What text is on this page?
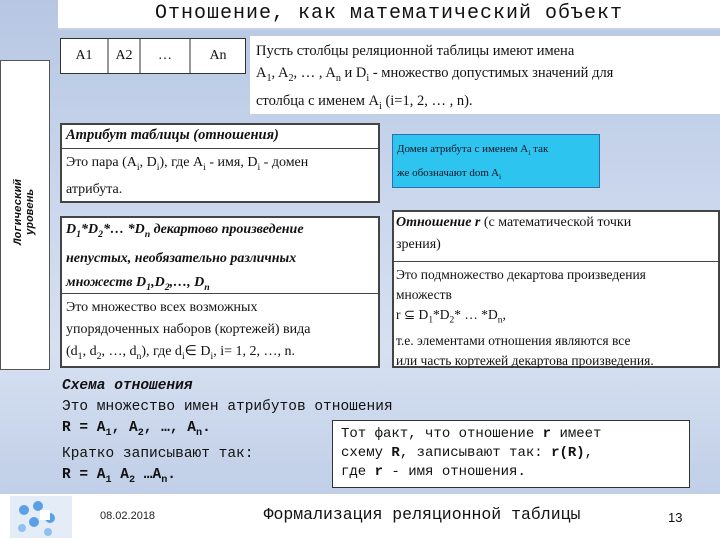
Отношение, как математический объект
Логический уровень
A1	A2	…	An	Пусть столбцы реляционной таблицы имеют имена
$A_1$, $A_2$, … , $A_n$ и $D_i$ - множество допустимых значений для
столбца с именем $A_i$ (i=1, 2, … , n).
Атрибут таблицы (отношения)
Это пара ($A_i$, $D_i$), где $A_i$ - имя, $D_i$ - домен
атрибута.
Домен атрибута с именем $A_i$ так
же обозначают dom $A_i$
$D_1*D_2*\dots$ $*D_n$ декартово произведение
непустых, необязательно различных
множеств $D_1,D_2,\dots$, $D_n$
Это множество всех возможных
упорядоченных наборов (кортежей) вида
($d_1$, $d_2$, …, $d_n$), где $d_i\in$ $D_i$, i= 1, 2, …, n.
Отношение r (с математической точки
зрения)
Это подмножество декартова произведения
множеств
r ⊆ $D_1*D_2*$ … $*D_n$,
т.е. элементами отношения являются все
или часть кортежей декартова произведения.
Схема отношения
Это множество имен атрибутов отношения
$R = A_1$, $A_2$, …, $A_n$.
Кратко записывают так:
$R = A_1$ $A_2$ $\dots A_n$.
Тот факт, что отношение r имеет
схему R, записывают так: r(R),
где r - имя отношения.
08.02.2018	Формализация реляционной таблицы	13
